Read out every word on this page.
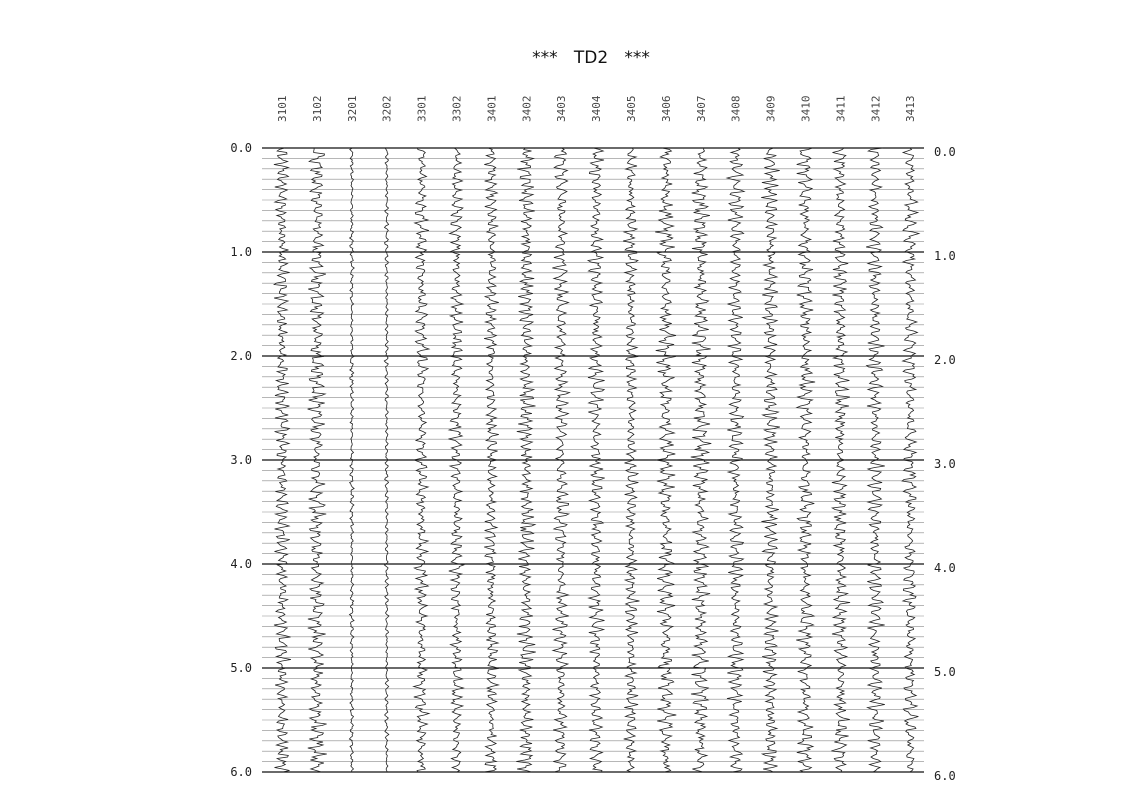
***   TD2   ***
0.0	0.0
1.0	1.0
2.0	2.0
3.0	3.0
4.0	4.0
5.0	5.0
6.0	6.0
3101 3102 3201 3202 3301 3302 3401 3402 3403 3404 3405 3406 3407 3408 3409 3410 3411 3412 3413
